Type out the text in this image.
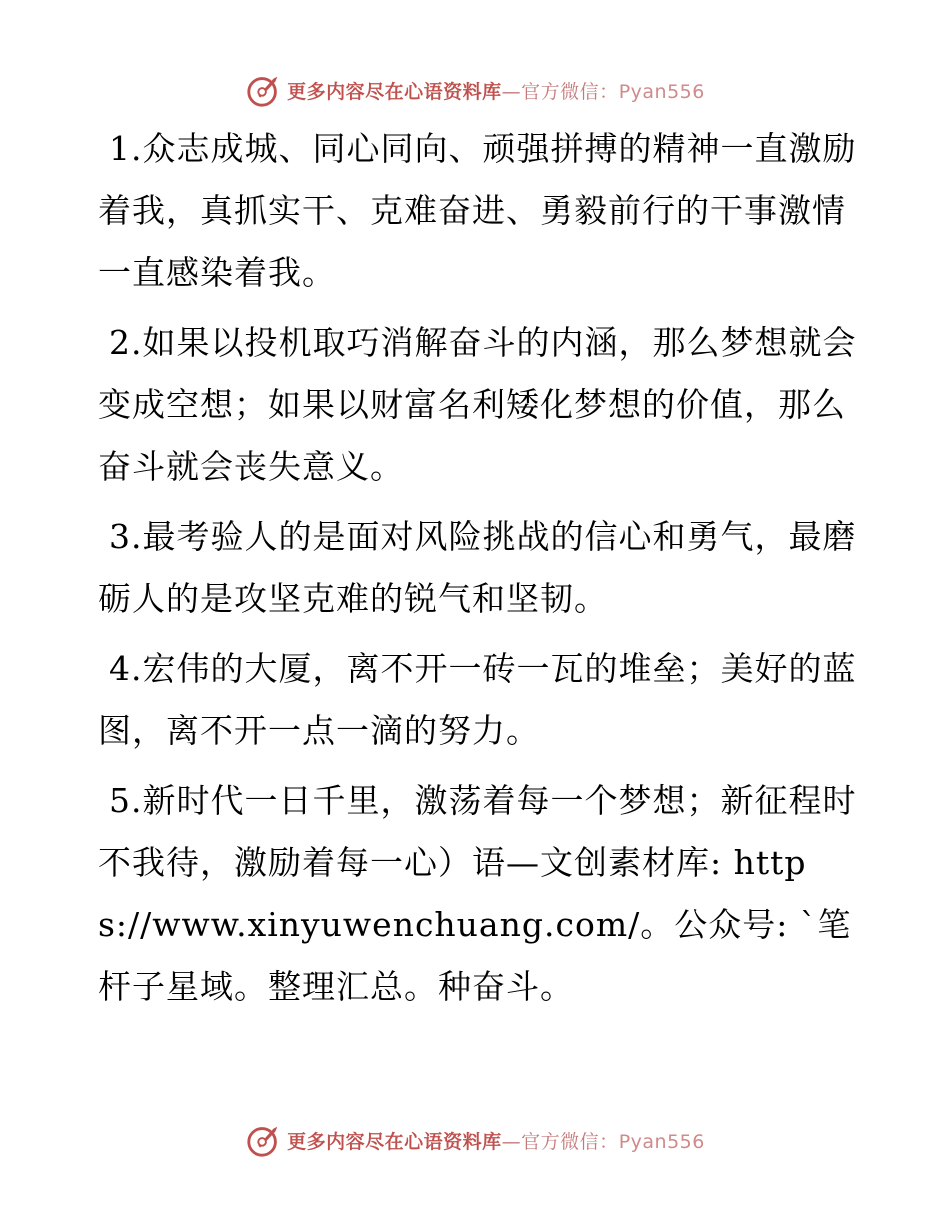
更多内容尽在心语资料库—官方微信：Pyan556

1.众志成城、同心同向、顽强拼搏的精神一直激励着我，真抓实干、克难奋进、勇毅前行的干事激情一直感染着我。

2.如果以投机取巧消解奋斗的内涵，那么梦想就会变成空想；如果以财富名利矮化梦想的价值，那么奋斗就会丧失意义。

3.最考验人的是面对风险挑战的信心和勇气，最磨砺人的是攻坚克难的锐气和坚韧。

4.宏伟的大厦，离不开一砖一瓦的堆垒；美好的蓝图，离不开一点一滴的努力。

5.新时代一日千里，激荡着每一个梦想；新征程时不我待，激励着每一心）语—文创素材库: https://www.xinyuwenchuang.com/。公众号: `笔杆子星域。整理汇总。种奋斗。

更多内容尽在心语资料库—官方微信：Pyan556
